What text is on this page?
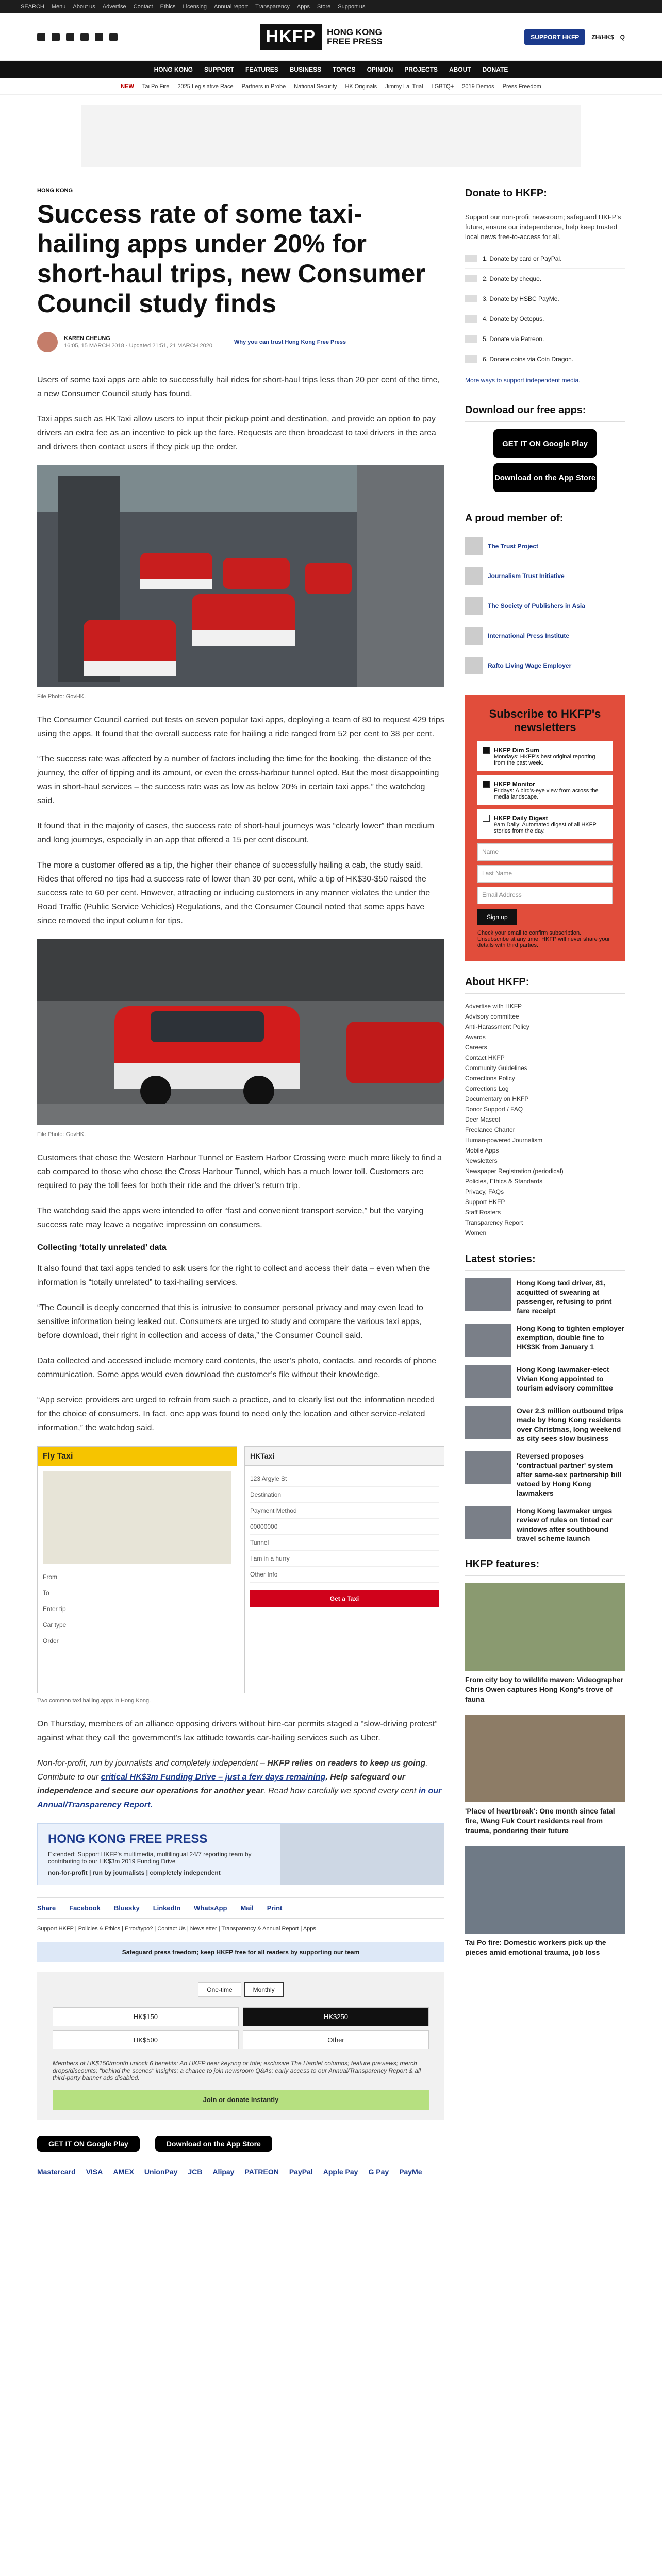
SEARCH Menu About us Advertise Contact Ethics Licensing Annual report Transparency Apps Store Support us
HKFP	HONG KONG
FREE PRESS	SUPPORT HKFP	ZH/HK$ Q
HONG KONG SUPPORT FEATURES BUSINESS TOPICS OPINION PROJECTS ABOUT DONATE
NEW Tai Po Fire 2025 Legislative Race Partners in Probe National Security HK Originals Jimmy Lai Trial LGBTQ+ 2019 Demos Press Freedom
HONG KONG
Success rate of some taxi-hailing apps under 20% for short-haul trips, new Consumer Council study finds
KAREN CHEUNG
16:05, 15 MARCH 2018 · Updated 21:51, 21 MARCH 2020
Why you can trust Hong Kong Free Press

Users of some taxi apps are able to successfully hail rides for short-haul trips less than 20 per cent of the time, a new Consumer Council study has found.

Taxi apps such as HKTaxi allow users to input their pickup point and destination, and provide an option to pay drivers an extra fee as an incentive to pick up the fare. Requests are then broadcast to taxi drivers in the area and drivers then contact users if they pick up the order.

File Photo: GovHK.

The Consumer Council carried out tests on seven popular taxi apps, deploying a team of 80 to request 429 trips using the apps. It found that the overall success rate for hailing a ride ranged from 52 per cent to 38 per cent.

“The success rate was affected by a number of factors including the time for the booking, the distance of the journey, the offer of tipping and its amount, or even the cross-harbour tunnel opted. But the most disappointing was in short-haul services – the success rate was as low as below 20% in certain taxi apps,” the watchdog said.

It found that in the majority of cases, the success rate of short-haul journeys was “clearly lower” than medium and long journeys, especially in an app that offered a 15 per cent discount.

The more a customer offered as a tip, the higher their chance of successfully hailing a cab, the study said. Rides that offered no tips had a success rate of lower than 30 per cent, while a tip of HK$30-$50 raised the success rate to 60 per cent. However, attracting or inducing customers in any manner violates the under the Road Traffic (Public Service Vehicles) Regulations, and the Consumer Council noted that some apps have since removed the input column for tips.

File Photo: GovHK.

Customers that chose the Western Harbour Tunnel or Eastern Harbor Crossing were much more likely to find a cab compared to those who chose the Cross Harbour Tunnel, which has a much lower toll. Customers are required to pay the toll fees for both their ride and the driver’s return trip.

The watchdog said the apps were intended to offer “fast and convenient transport service,” but the varying success rate may leave a negative impression on consumers.

Collecting ‘totally unrelated’ data

It also found that taxi apps tended to ask users for the right to collect and access their data – even when the information is “totally unrelated” to taxi-hailing services.

“The Council is deeply concerned that this is intrusive to consumer personal privacy and may even lead to sensitive information being leaked out. Consumers are urged to study and compare the various taxi apps, before download, their right in collection and access of data,” the Consumer Council said.

Data collected and accessed include memory card contents, the user’s photo, contacts, and records of phone communication. Some apps would even download the customer’s file without their knowledge.

“App service providers are urged to refrain from such a practice, and to clearly list out the information needed for the choice of consumers. In fact, one app was found to need only the location and other service-related information,” the watchdog said.

Fly Taxi
From
To
Enter tip
Car type
Order
HKTaxi
123 Argyle St
Destination
Payment Method
00000000
Tunnel
I am in a hurry
Other Info
Get a Taxi
Two common taxi hailing apps in Hong Kong.

On Thursday, members of an alliance opposing drivers without hire-car permits staged a “slow-driving protest” against what they call the government’s lax attitude towards car-hailing services such as Uber.

Non-for-profit, run by journalists and completely independent – HKFP relies on readers to keep us going. Contribute to our critical HK$3m Funding Drive – just a few days remaining. Help safeguard our independence and secure our operations for another year. Read how carefully we spend every cent in our Annual/Transparency Report.

HONG KONG FREE PRESS
Extended: Support HKFP's multimedia, multilingual 24/7 reporting team by contributing to our HK$3m 2019 Funding Drive
non-for-profit | run by journalists | completely independent
Share Facebook Bluesky LinkedIn WhatsApp Mail Print
Support HKFP | Policies & Ethics | Error/typo? | Contact Us | Newsletter | Transparency & Annual Report | Apps
Safeguard press freedom; keep HKFP free for all readers by supporting our team
One-time	Monthly
HK$150	HK$250
HK$500	Other
Members of HK$150/month unlock 6 benefits: An HKFP deer keyring or tote; exclusive The Hamlet columns; feature previews; merch drops/discounts; "behind the scenes" insights; a chance to join newsroom Q&As; early access to our Annual/Transparency Report & all third-party banner ads disabled.
Join or donate instantly
GET IT ON Google Play	Download on the App Store
Mastercard VISA AMEX UnionPay JCB Alipay PATREON PayPal Apple Pay G Pay PayMe
Donate to HKFP:

Support our non-profit newsroom; safeguard HKFP's future, ensure our independence, help keep trusted local news free-to-access for all.

1. Donate by card or PayPal.
2. Donate by cheque.
3. Donate by HSBC PayMe.
4. Donate by Octopus.
5. Donate via Patreon.
6. Donate coins via Coin Dragon.
More ways to support independent media.
Download our free apps:
GET IT ON Google Play
Download on the App Store
A proud member of:
The Trust Project
Journalism Trust Initiative
The Society of Publishers in Asia
International Press Institute
Rafto Living Wage Employer
Subscribe to HKFP's newsletters
HKFP Dim Sum
Mondays: HKFP's best original reporting from the past week.
HKFP Monitor
Fridays: A bird's-eye view from across the media landscape.
HKFP Daily Digest
9am Daily: Automated digest of all HKFP stories from the day.
Name
Last Name
Email Address
Sign up
Check your email to confirm subscription. Unsubscribe at any time. HKFP will never share your details with third parties.
About HKFP:
Advertise with HKFP
Advisory committee
Anti-Harassment Policy
Awards
Careers
Contact HKFP
Community Guidelines
Corrections Policy
Corrections Log
Documentary on HKFP
Donor Support / FAQ
Deer Mascot
Freelance Charter
Human-powered Journalism
Mobile Apps
Newsletters
Newspaper Registration (periodical)
Policies, Ethics & Standards
Privacy, FAQs
Support HKFP
Staff Rosters
Transparency Report
Women
Latest stories:
Hong Kong taxi driver, 81, acquitted of swearing at passenger, refusing to print fare receipt
Hong Kong to tighten employer exemption, double fine to HK$3K from January 1
Hong Kong lawmaker-elect Vivian Kong appointed to tourism advisory committee
Over 2.3 million outbound trips made by Hong Kong residents over Christmas, long weekend as city sees slow business
Reversed proposes 'contractual partner' system after same-sex partnership bill vetoed by Hong Kong lawmakers
Hong Kong lawmaker urges review of rules on tinted car windows after southbound travel scheme launch
HKFP features:
From city boy to wildlife maven: Videographer Chris Owen captures Hong Kong's trove of fauna
'Place of heartbreak': One month since fatal fire, Wang Fuk Court residents reel from trauma, pondering their future
Tai Po fire: Domestic workers pick up the pieces amid emotional trauma, job loss
